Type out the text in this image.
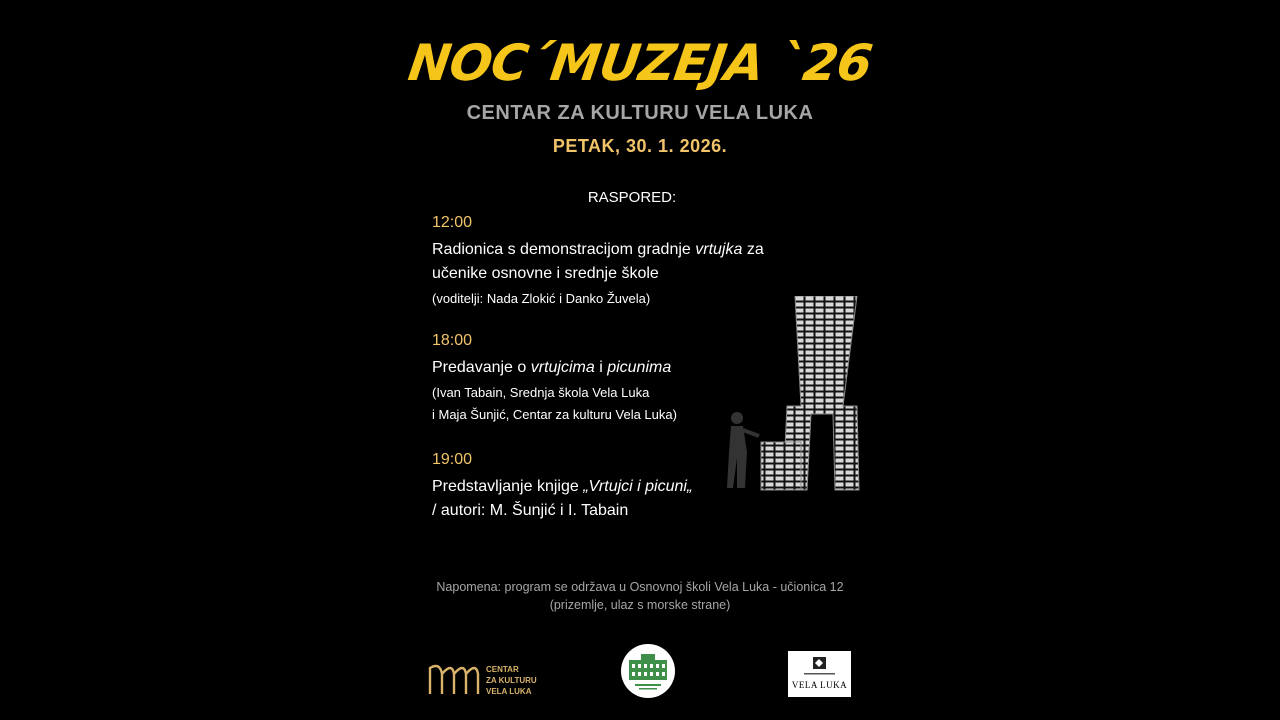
NOC´MUZEJA ˋ26
CENTAR ZA KULTURU VELA LUKA
PETAK, 30. 1. 2026.
RASPORED:
12:00
Radionica s demonstracijom gradnje vrtujka za
učenike osnovne i srednje škole
(voditelji: Nada Zlokić i Danko Žuvela)
18:00
Predavanje o vrtujcima i picunima
(Ivan Tabain, Srednja škola Vela Luka
i Maja Šunjić, Centar za kulturu Vela Luka)
19:00
Predstavljanje knjige „Vrtujci i picuni„
/ autori: M. Šunjić i I. Tabain
Napomena: program se održava u Osnovnoj školi Vela Luka - učionica 12
(prizemlje, ulaz s morske strane)
CENTAR
ZA KULTURU
VELA LUKA
VELA LUKA
